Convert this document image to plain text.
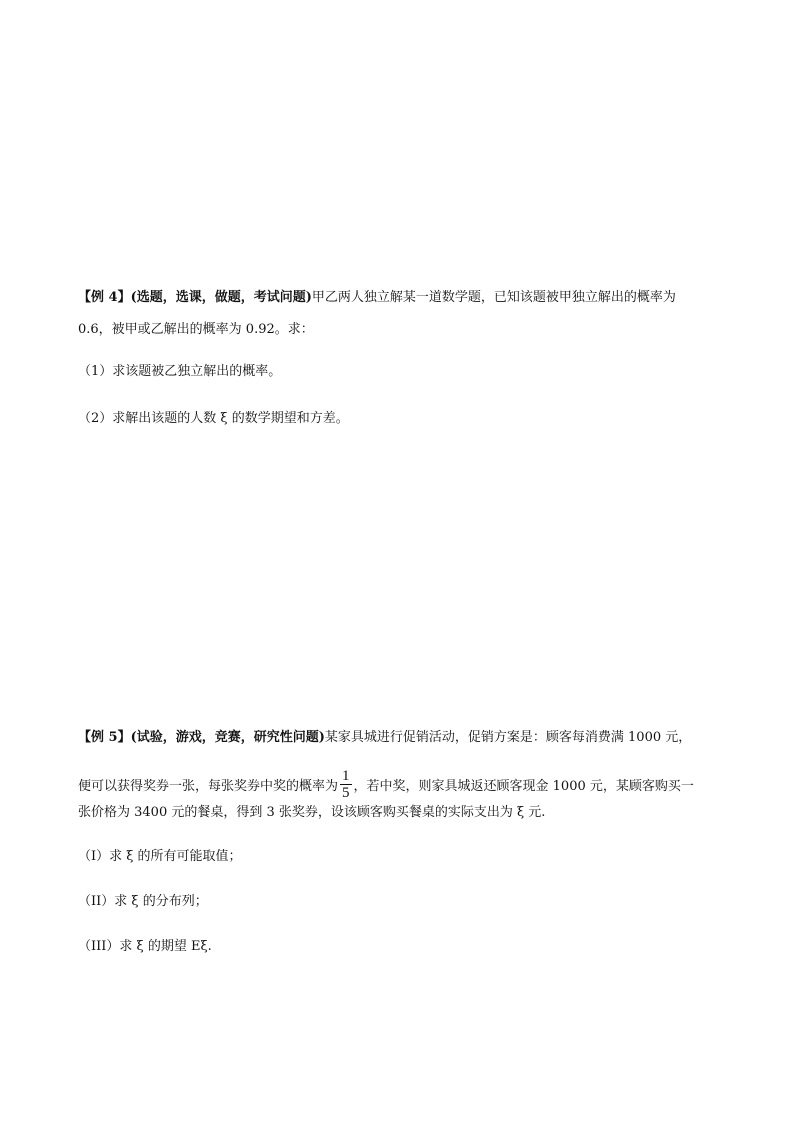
【例 4】(选题，选课，做题，考试问题)甲乙两人独立解某一道数学题，已知该题被甲独立解出的概率为
0.6，被甲或乙解出的概率为 0.92。求：
（1）求该题被乙独立解出的概率。
（2）求解出该题的人数 ξ 的数学期望和方差。
【例 5】(试验，游戏，竞赛，研究性问题)某家具城进行促销活动，促销方案是：顾客每消费满 1000 元，
便可以获得奖券一张，每张奖券中奖的概率为 $\frac{1}{5}$ ，若中奖，则家具城返还顾客现金 1000 元，某顾客购买一
张价格为 3400 元的餐桌，得到 3 张奖券，设该顾客购买餐桌的实际支出为 ξ 元.
（I）求 ξ 的所有可能取值；
（II）求 ξ 的分布列；
（III）求 ξ 的期望 Eξ.
